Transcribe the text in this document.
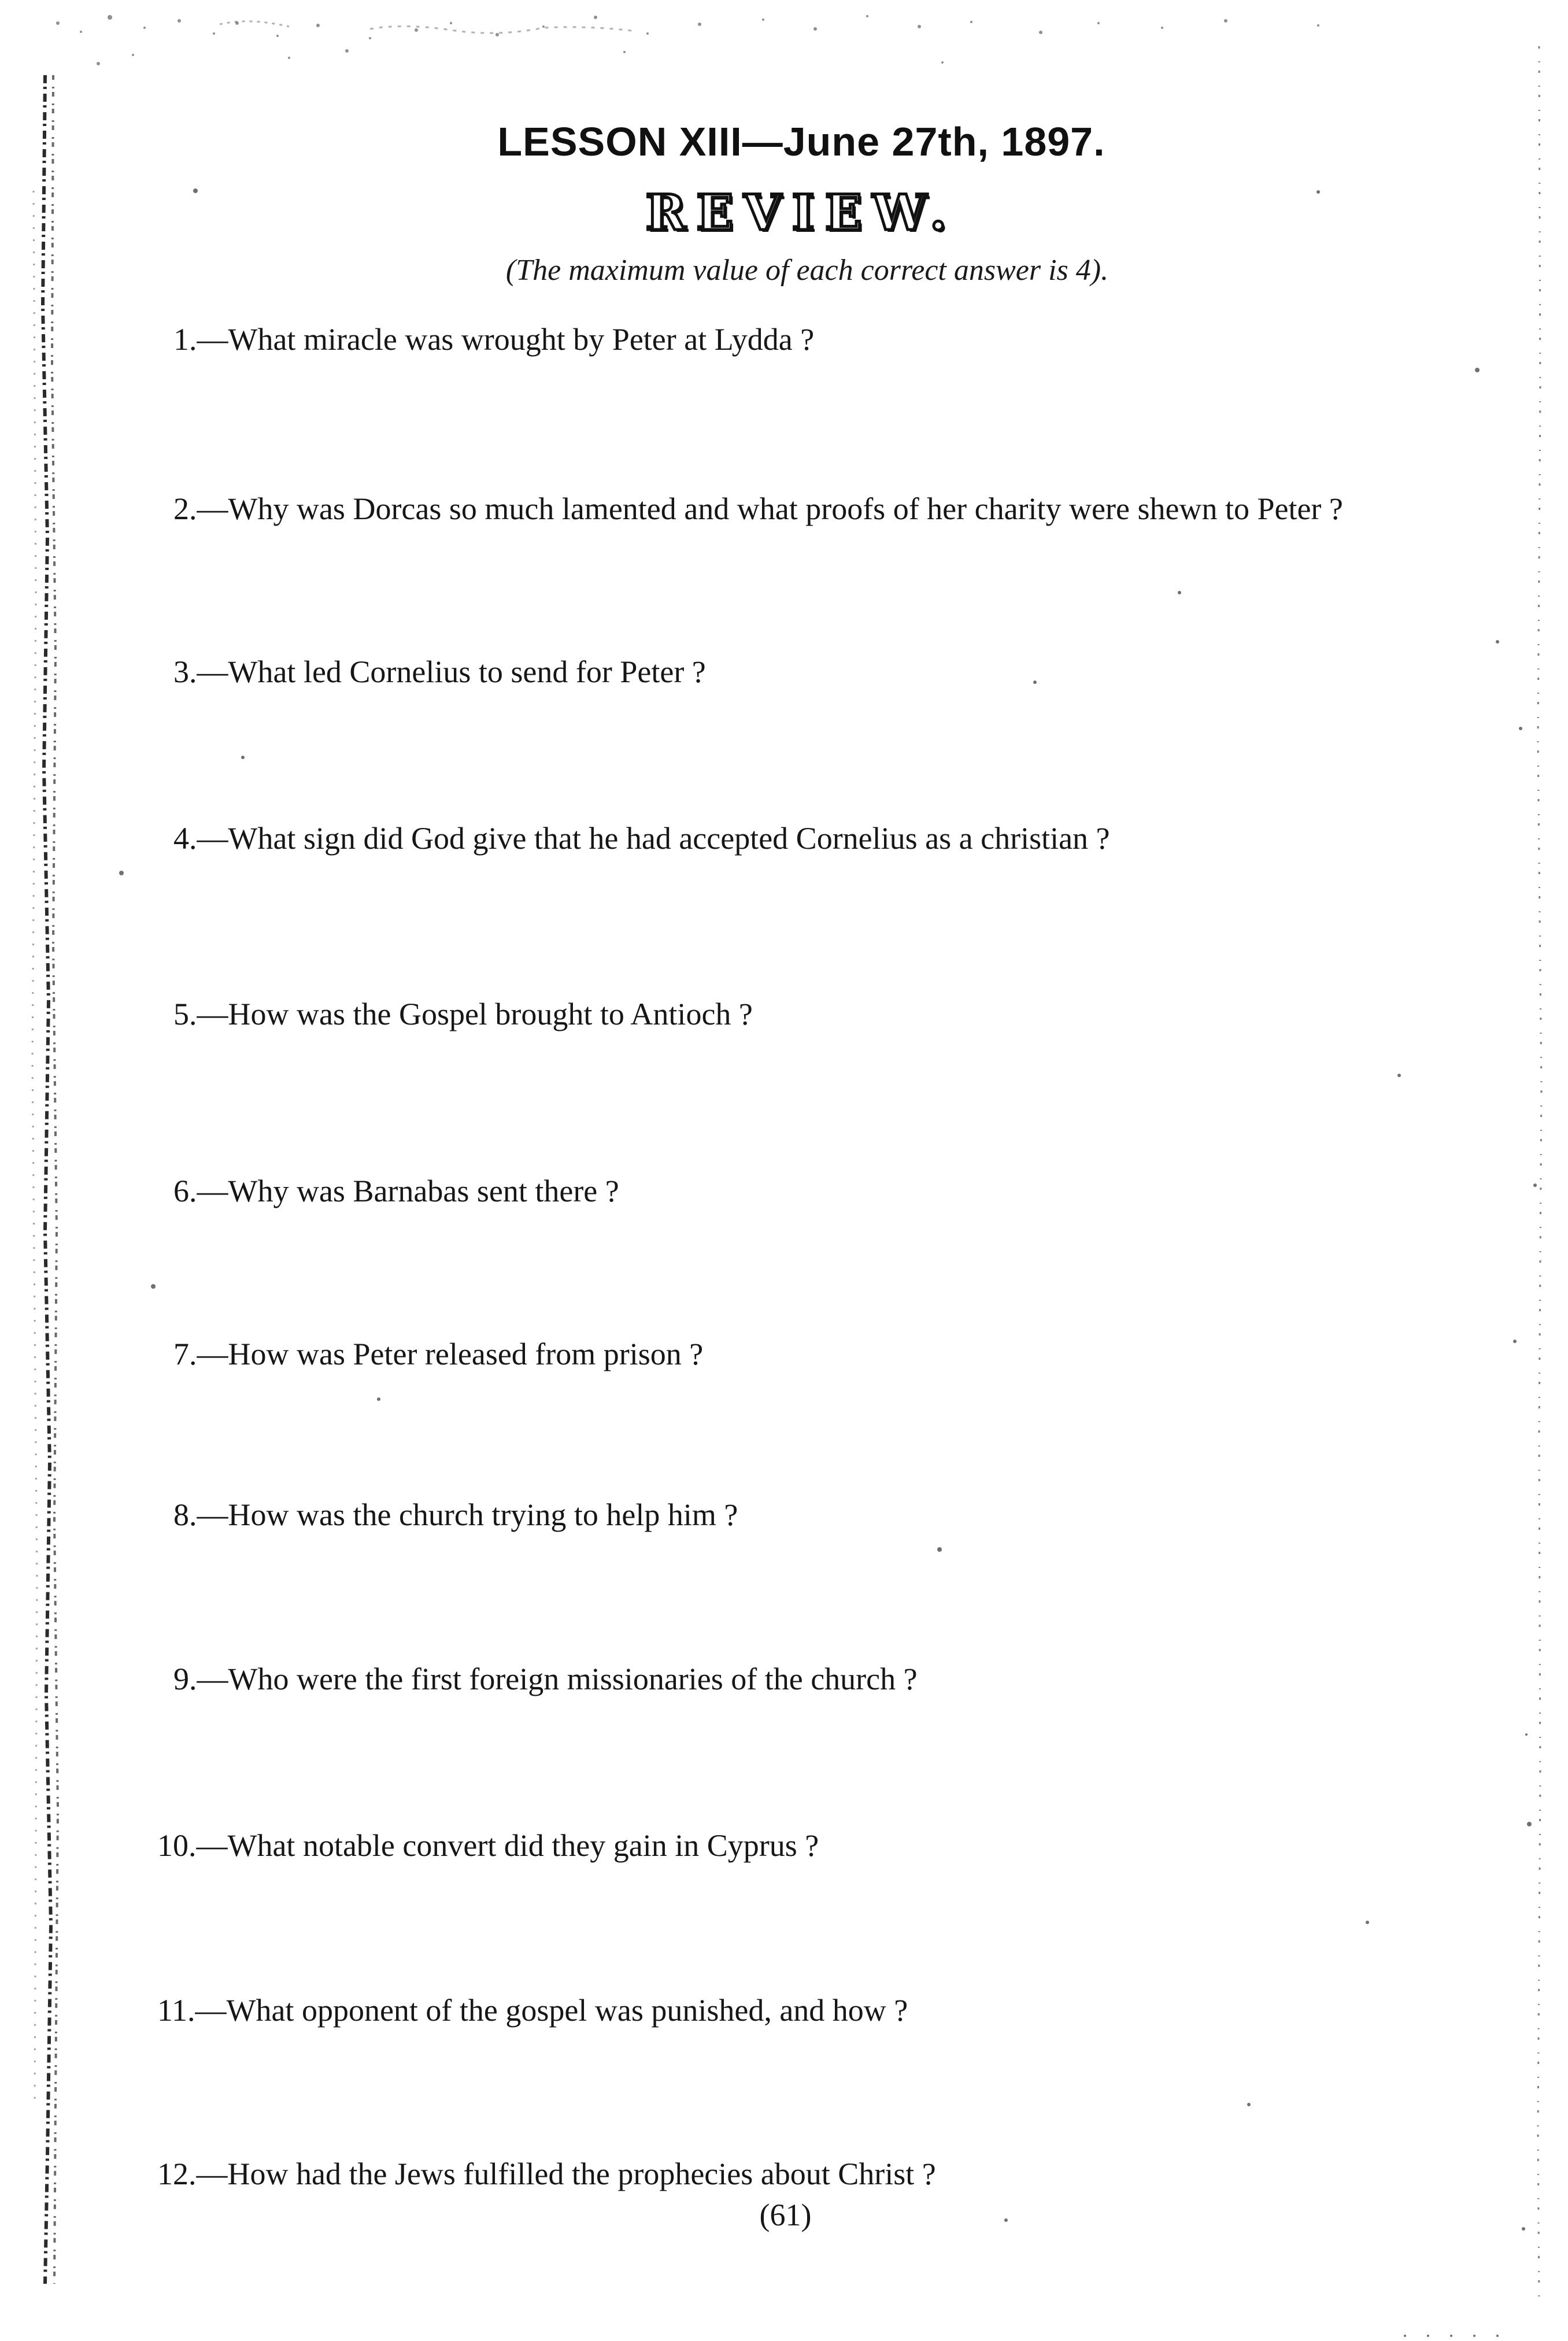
LESSON XIII—June 27th, 1897.
REVIEW.
(The maximum value of each correct answer is 4).
1.—What miracle was wrought by Peter at Lydda ?
2.—Why was Dorcas so much lamented and what proofs of her charity were shewn to Peter ?
3.—What led Cornelius to send for Peter ?
4.—What sign did God give that he had accepted Cornelius as a christian ?
5.—How was the Gospel brought to Antioch ?
6.—Why was Barnabas sent there ?
7.—How was Peter released from prison ?
8.—How was the church trying to help him ?
9.—Who were the first foreign missionaries of the church ?
10.—What notable convert did they gain in Cyprus ?
11.—What opponent of the gospel was punished, and how ?
12.—How had the Jews fulfilled the prophecies about Christ ?
(61)
